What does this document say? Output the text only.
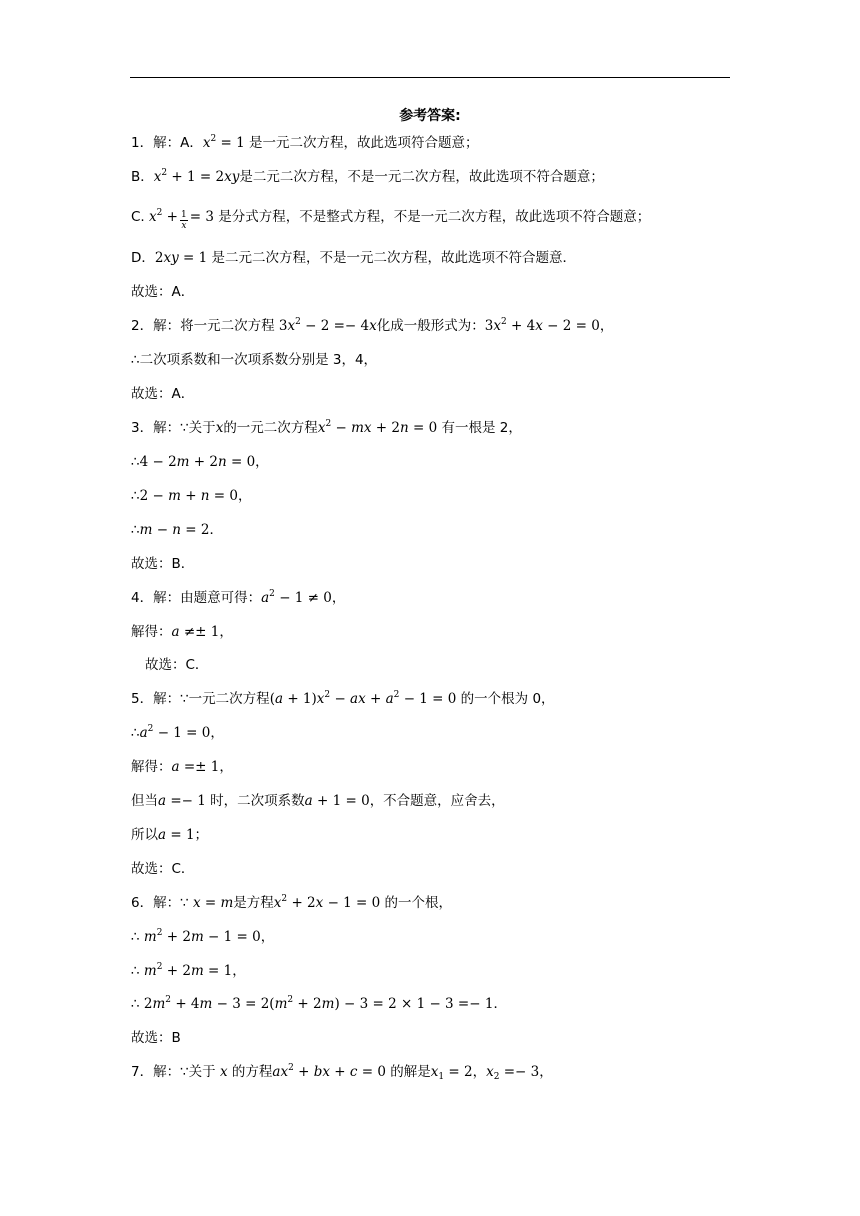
参考答案:
1．解：A．$x^2 = 1$ 是一元二次方程，故此选项符合题意；
B．$x^2 + 1 = 2xy$是二元二次方程，不是一元二次方程，故此选项不符合题意；
C. $x^2 + \frac{1}{x} = 3$ 是分式方程，不是整式方程，不是一元二次方程，故此选项不符合题意；
D．2xy = 1 是二元二次方程，不是一元二次方程，故此选项不符合题意．
故选：A．
2．解：将一元二次方程 $3x^2 - 2 =- 4x$化成一般形式为：$3x^2 + 4x - 2 = 0$，
∴二次项系数和一次项系数分别是 3，4，
故选：A．
3．解：∵关于x的一元二次方程$x^2$ − mx + 2n = 0 有一根是 2，
∴4 − 2m + 2n = 0，
∴2 − m + n = 0，
∴m − n = 2．
故选：B．
4．解：由题意可得：$a^2 - 1 \ne 0$，
解得：a ≠± 1，
故选：C．
5．解：∵一元二次方程$(a + 1)x^2$ − ax + $a^2 - 1 = 0$ 的一个根为 0，
$\therefore a^2 - 1 = 0$，
解得：a =± 1，
但当a =− 1 时，二次项系数a + 1 = 0，不合题意，应舍去，
所以a = 1；
故选：C．
6．解：∵ x = m是方程$x^2 + 2x - 1 = 0$ 的一个根，
∴ $m^2 + 2m - 1 = 0$，
∴ $m^2 + 2m = 1$，
∴ $2m^2 + 4m - 3 = 2(m^2 + 2m) - 3 = 2 \times 1 - 3 =- 1$．
故选：B
7．解：∵关于 x 的方程$ax^2$ + bx + c = 0 的解是$x_1 = 2$，$x_2 =- 3$，
